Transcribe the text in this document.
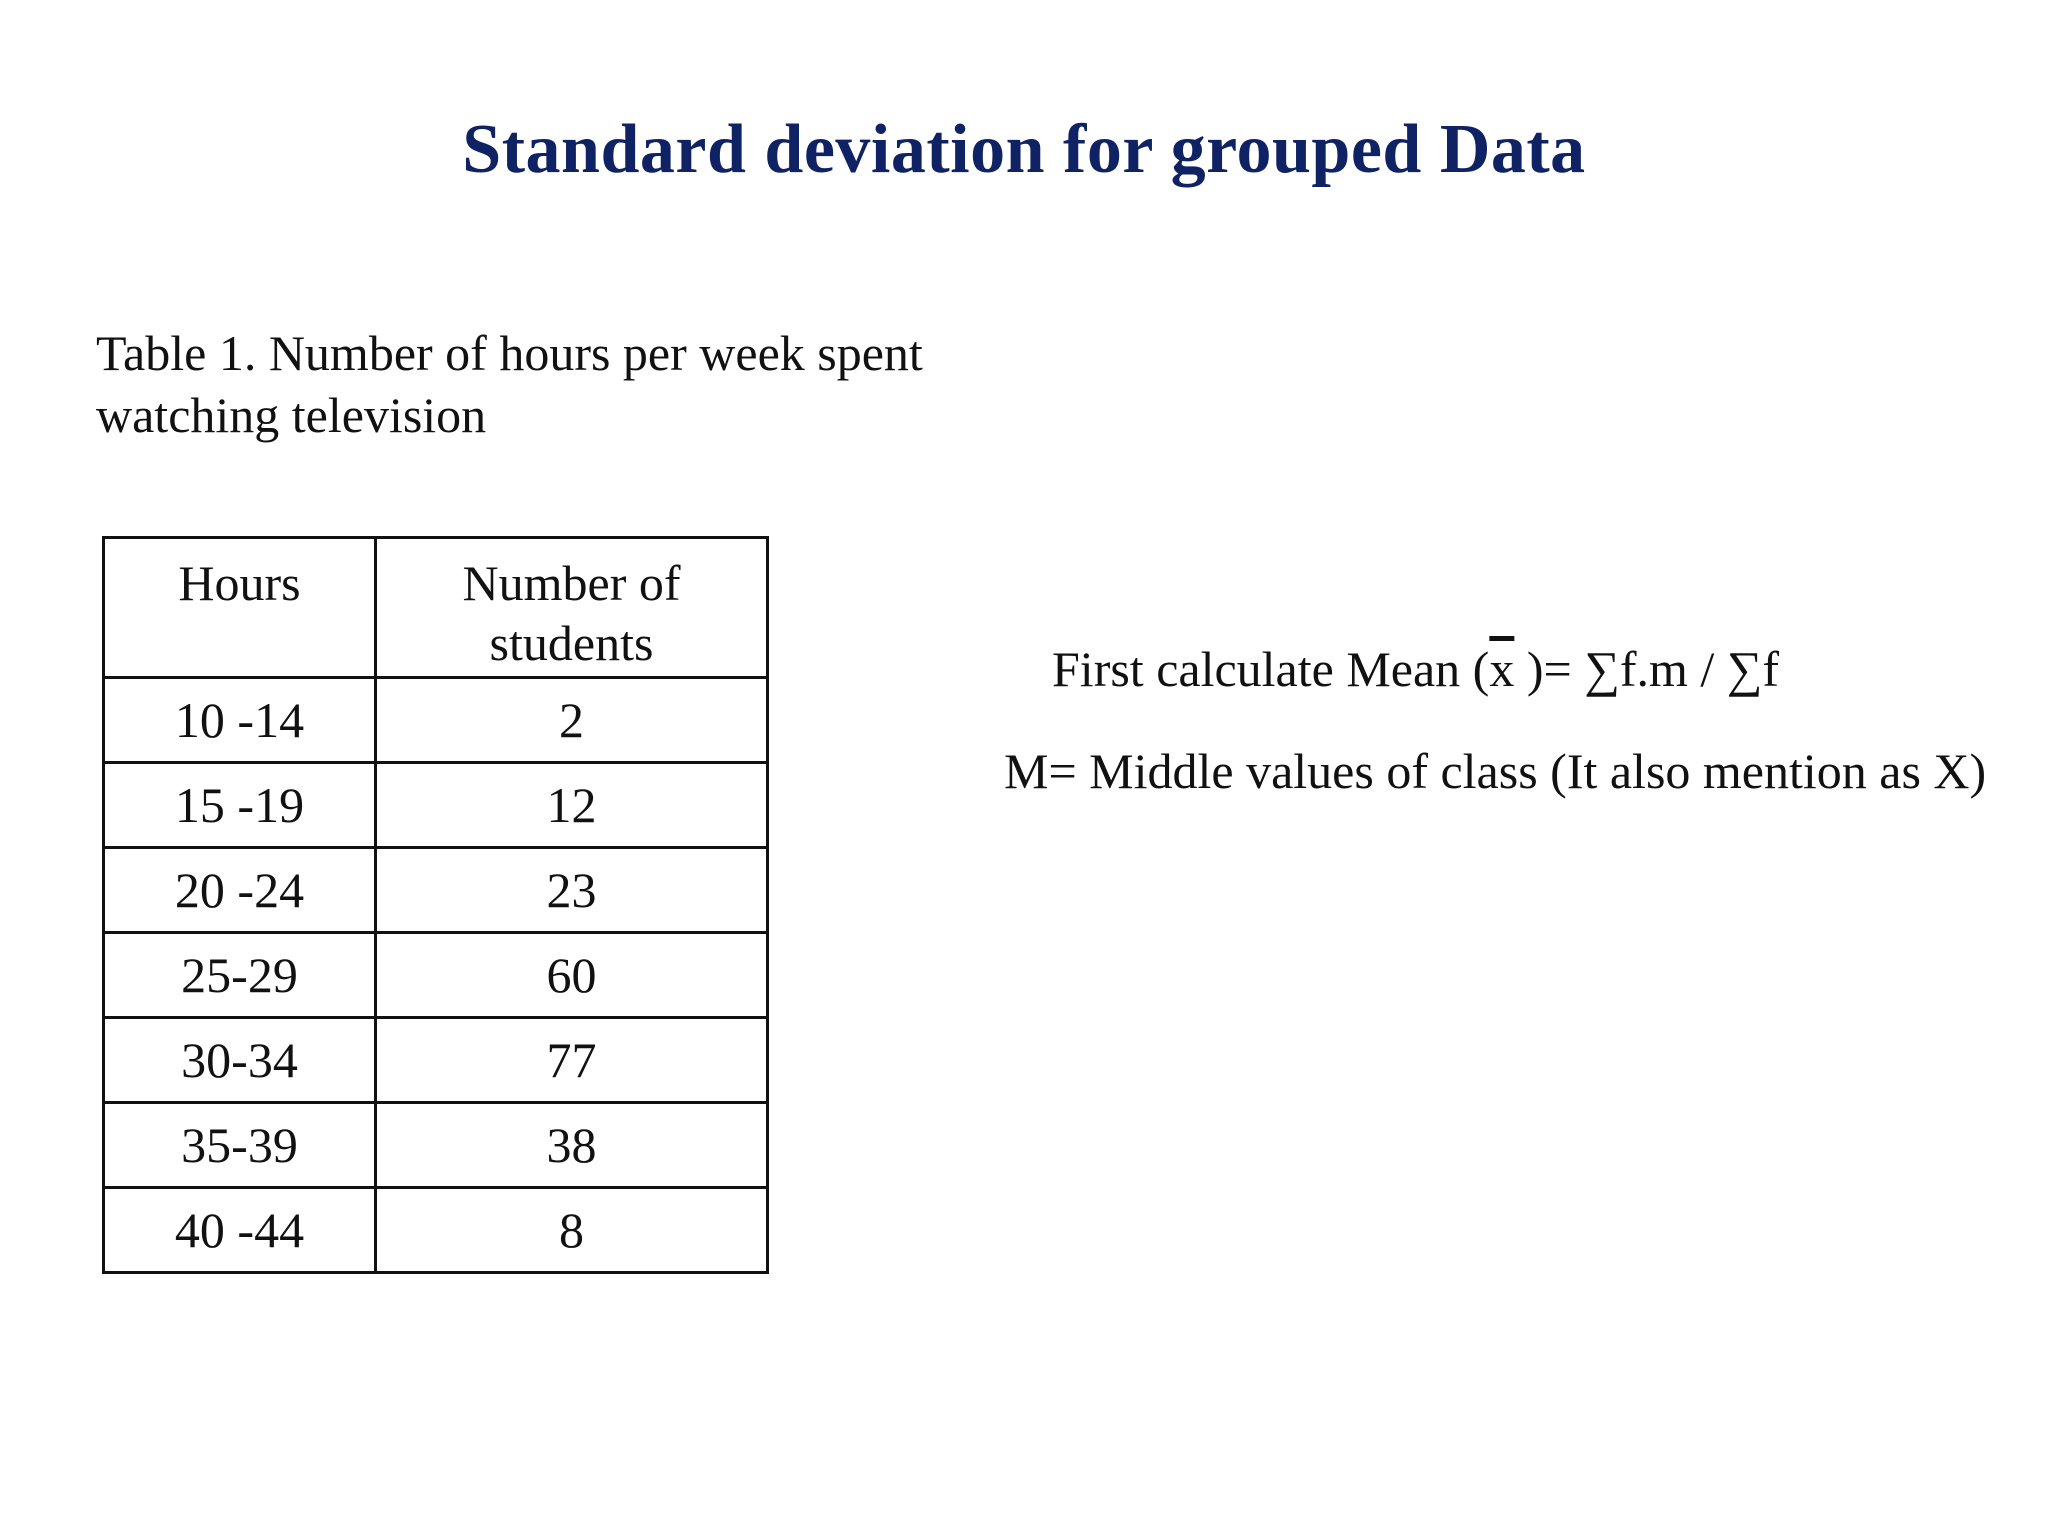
Standard deviation for grouped Data
Table 1. Number of hours per week spent
watching television
Hours	Number of students
10 -14	2
15 -19	12
20 -24	23
25-29	60
30-34	77
35-39	38
40 -44	8
First calculate Mean ($\overline{x}$ )= ∑f.m / ∑f
M= Middle values of class (It also mention as X)
